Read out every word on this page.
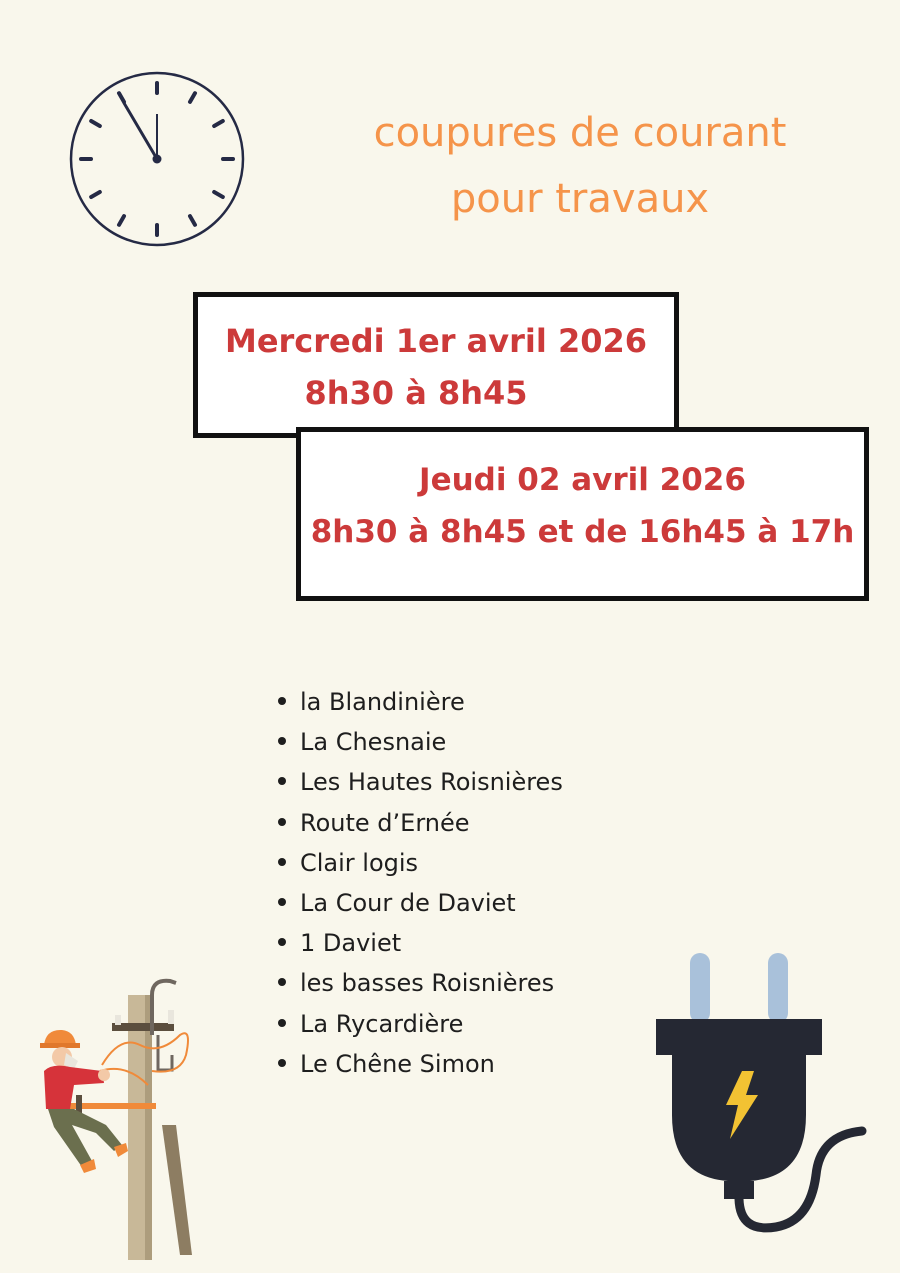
coupures de courant
pour travaux
Mercredi 1er avril 2026
8h30 à 8h45
Jeudi 02 avril 2026
8h30 à 8h45 et de 16h45 à 17h
la Blandinière
La Chesnaie
Les Hautes Roisnières
Route d’Ernée
Clair logis
La Cour de Daviet
1 Daviet
les basses Roisnières
La Rycardière
Le Chêne Simon
